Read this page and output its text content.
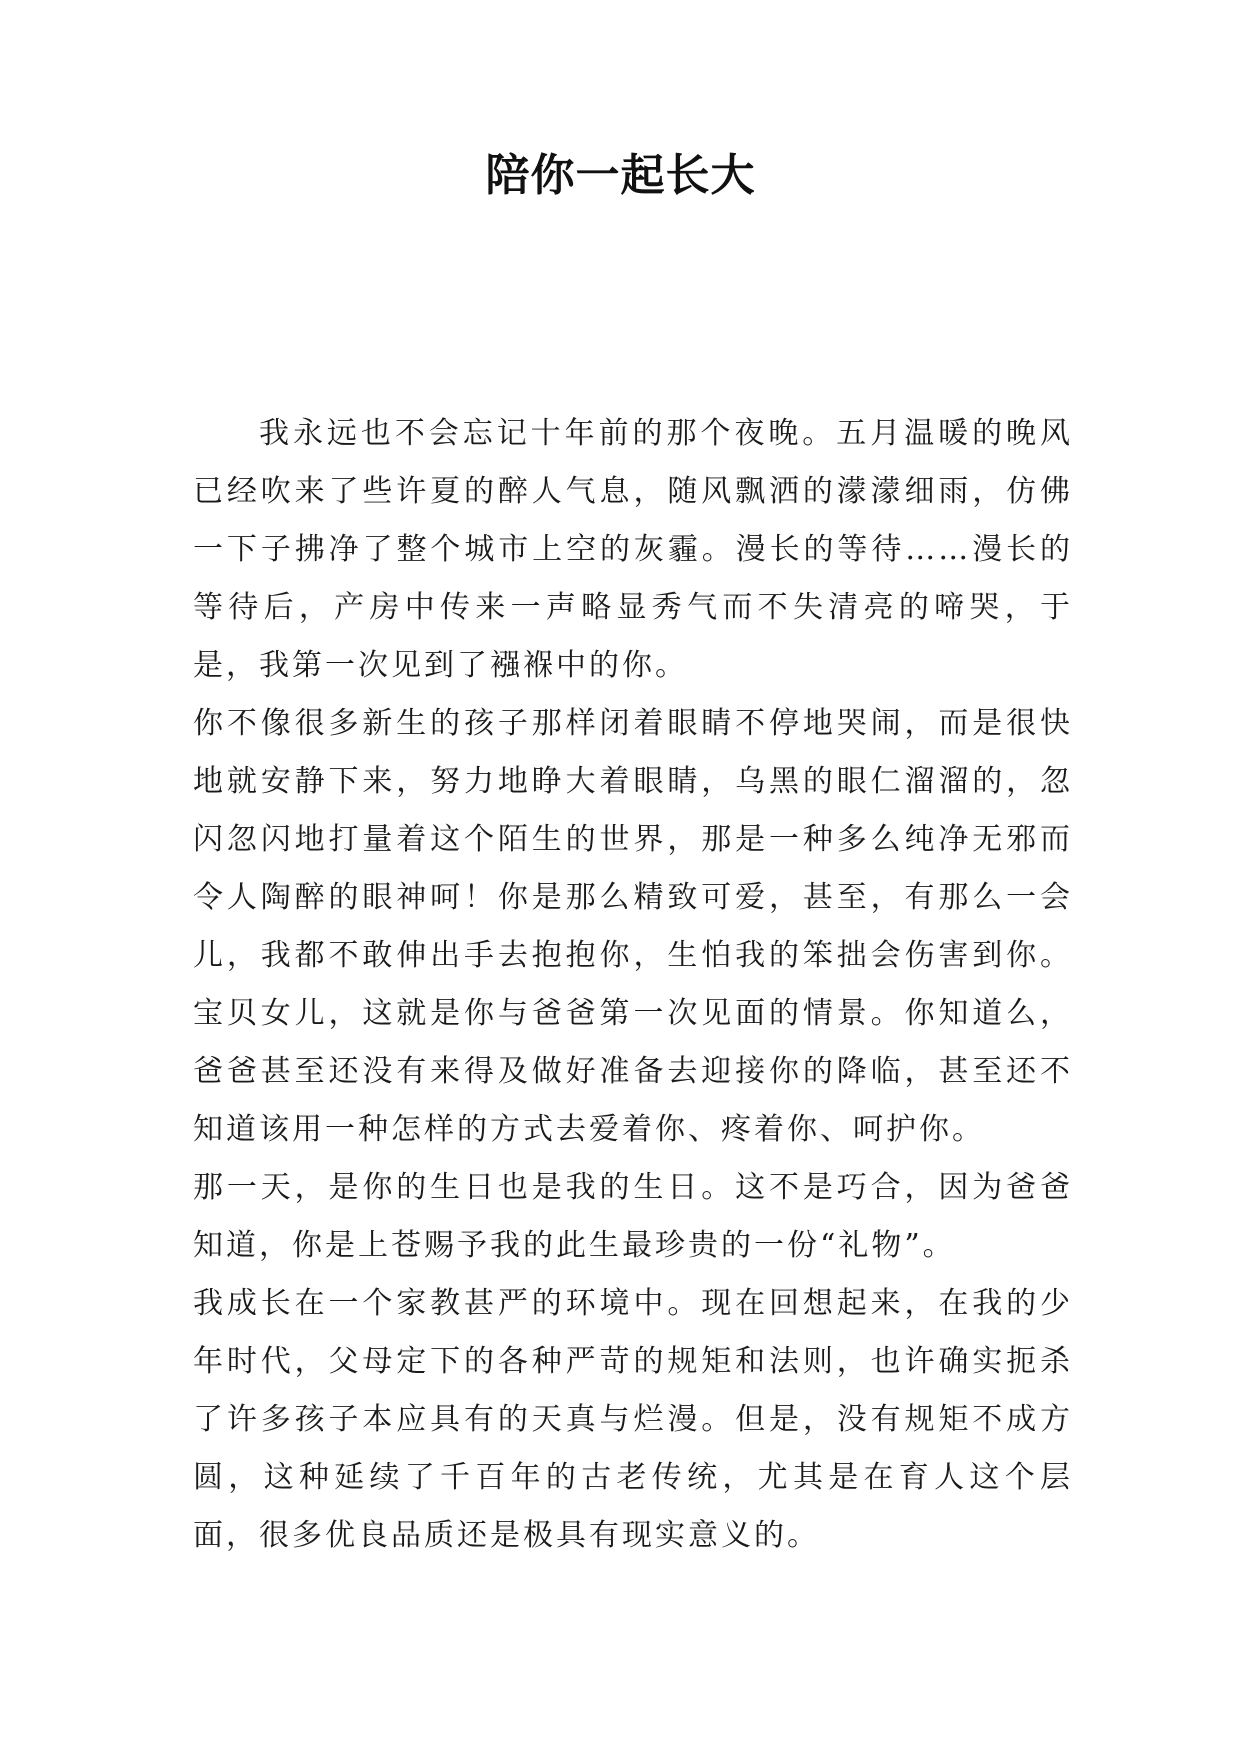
陪你一起长大

我永远也不会忘记十年前的那个夜晚。五月温暖的晚风已经吹来了些许夏的醉人气息，随风飘洒的濛濛细雨，仿佛一下子拂净了整个城市上空的灰霾。漫长的等待……漫长的等待后，产房中传来一声略显秀气而不失清亮的啼哭，于是，我第一次见到了襁褓中的你。

你不像很多新生的孩子那样闭着眼睛不停地哭闹，而是很快地就安静下来，努力地睁大着眼睛，乌黑的眼仁溜溜的，忽闪忽闪地打量着这个陌生的世界，那是一种多么纯净无邪而令人陶醉的眼神呵！你是那么精致可爱，甚至，有那么一会儿，我都不敢伸出手去抱抱你，生怕我的笨拙会伤害到你。宝贝女儿，这就是你与爸爸第一次见面的情景。你知道么，爸爸甚至还没有来得及做好准备去迎接你的降临，甚至还不知道该用一种怎样的方式去爱着你、疼着你、呵护你。

那一天，是你的生日也是我的生日。这不是巧合，因为爸爸知道，你是上苍赐予我的此生最珍贵的一份“礼物”。

我成长在一个家教甚严的环境中。现在回想起来，在我的少年时代，父母定下的各种严苛的规矩和法则，也许确实扼杀了许多孩子本应具有的天真与烂漫。但是，没有规矩不成方圆，这种延续了千百年的古老传统，尤其是在育人这个层面，很多优良品质还是极具有现实意义的。
